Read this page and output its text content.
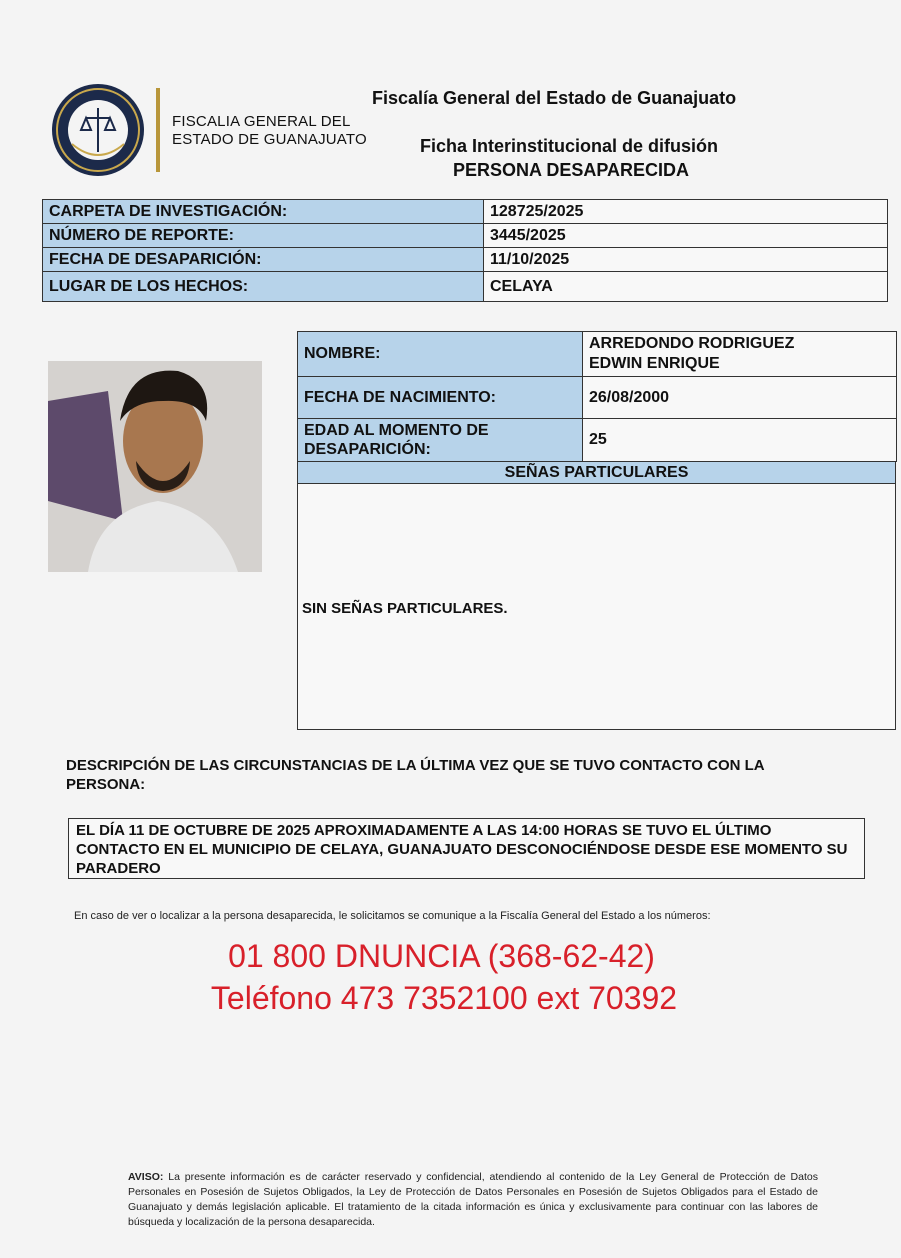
FISCALIA GENERAL DEL
ESTADO DE GUANAJUATO
Fiscalía General del Estado de Guanajuato
Ficha Interinstitucional de difusión
PERSONA DESAPARECIDA
CARPETA DE INVESTIGACIÓN:	128725/2025
NÚMERO DE REPORTE:	3445/2025
FECHA DE DESAPARICIÓN:	11/10/2025
LUGAR DE LOS HECHOS:	CELAYA
NOMBRE:	ARREDONDO RODRIGUEZ
EDWIN ENRIQUE

FECHA DE NACIMIENTO:	26/08/2000

EDAD AL MOMENTO DE
DESAPARICIÓN:	25
SEÑAS PARTICULARES
SIN SEÑAS PARTICULARES.
DESCRIPCIÓN DE LAS CIRCUNSTANCIAS DE LA ÚLTIMA VEZ QUE SE TUVO CONTACTO CON LA PERSONA:
EL DÍA 11 DE OCTUBRE DE 2025 APROXIMADAMENTE A LAS 14:00 HORAS SE TUVO EL ÚLTIMO CONTACTO EN EL MUNICIPIO DE CELAYA, GUANAJUATO DESCONOCIÉNDOSE DESDE ESE MOMENTO SU PARADERO
En caso de ver o localizar a la persona desaparecida, le solicitamos se comunique a la Fiscalía General del Estado a los números:
01 800 DNUNCIA (368-62-42)
Teléfono 473 7352100 ext 70392
AVISO: La presente información es de carácter reservado y confidencial, atendiendo al contenido de la Ley General de Protección de Datos Personales en Posesión de Sujetos Obligados, la Ley de Protección de Datos Personales en Posesión de Sujetos Obligados para el Estado de Guanajuato y demás legislación aplicable. El tratamiento de la citada información es única y exclusivamente para continuar con las labores de búsqueda y localización de la persona desaparecida.
